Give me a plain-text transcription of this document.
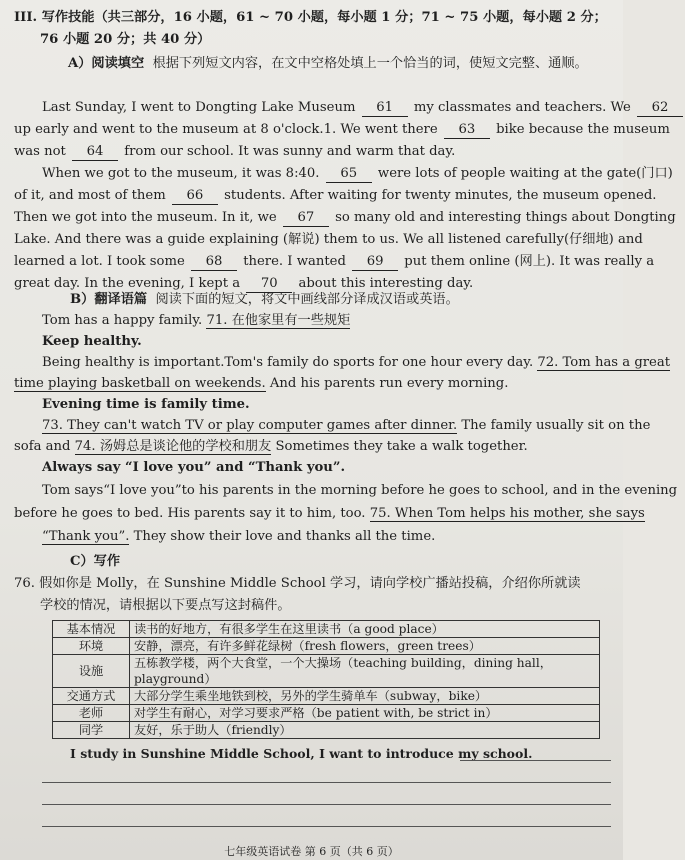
III. 写作技能（共三部分，16 小题，61 ~ 70 小题，每小题 1 分；71 ~ 75 小题，每小题 2 分；
76 小题 20 分；共 40 分）
A）阅读填空 根据下列短文内容，在文中空格处填上一个恰当的词，使短文完整、通顺。
Last Sunday, I went to Dongting Lake Museum 61 my classmates and teachers. We 62
up early and went to the museum at 8 o'clock.1. We went there 63 bike because the museum
was not 64 from our school. It was sunny and warm that day.
When we got to the museum, it was 8:40. 65 were lots of people waiting at the gate(门口)
of it, and most of them 66 students. After waiting for twenty minutes, the museum opened.
Then we got into the museum. In it, we 67 so many old and interesting things about Dongting
Lake. And there was a guide explaining (解说) them to us. We all listened carefully(仔细地) and
learned a lot. I took some 68 there. I wanted 69 put them online (网上). It was really a
great day. In the evening, I kept a 70 about this interesting day.
B）翻译语篇 阅读下面的短文，将文中画线部分译成汉语或英语。
Tom has a happy family. 71. 在他家里有一些规矩
Keep healthy.
Being healthy is important.Tom's family do sports for one hour every day. 72. Tom has a great
time playing basketball on weekends. And his parents run every morning.
Evening time is family time.
73. They can't watch TV or play computer games after dinner. The family usually sit on the
sofa and 74. 汤姆总是谈论他的学校和朋友 Sometimes they take a walk together.
Always say “I love you” and “Thank you”.
Tom says“I love you”to his parents in the morning before he goes to school, and in the evening
before he goes to bed. His parents say it to him, too. 75. When Tom helps his mother, she says
“Thank you”. They show their love and thanks all the time.
C）写作
76. 假如你是 Molly，在 Sunshine Middle School 学习，请向学校广播站投稿，介绍你所就读
学校的情况，请根据以下要点写这封稿件。
基本情况	读书的好地方，有很多学生在这里读书（a good place）

环境	安静，漂亮，有许多鲜花绿树（fresh flowers，green trees）

设施	五栋教学楼，两个大食堂，一个大操场（teaching building，dining hall，
playground）

交通方式	大部分学生乘坐地铁到校，另外的学生骑单车（subway，bike）

老师	对学生有耐心，对学习要求严格（be patient with, be strict in）

同学	友好，乐于助人（friendly）
I study in Sunshine Middle School, I want to introduce my school.
七年级英语试卷 第 6 页（共 6 页）
